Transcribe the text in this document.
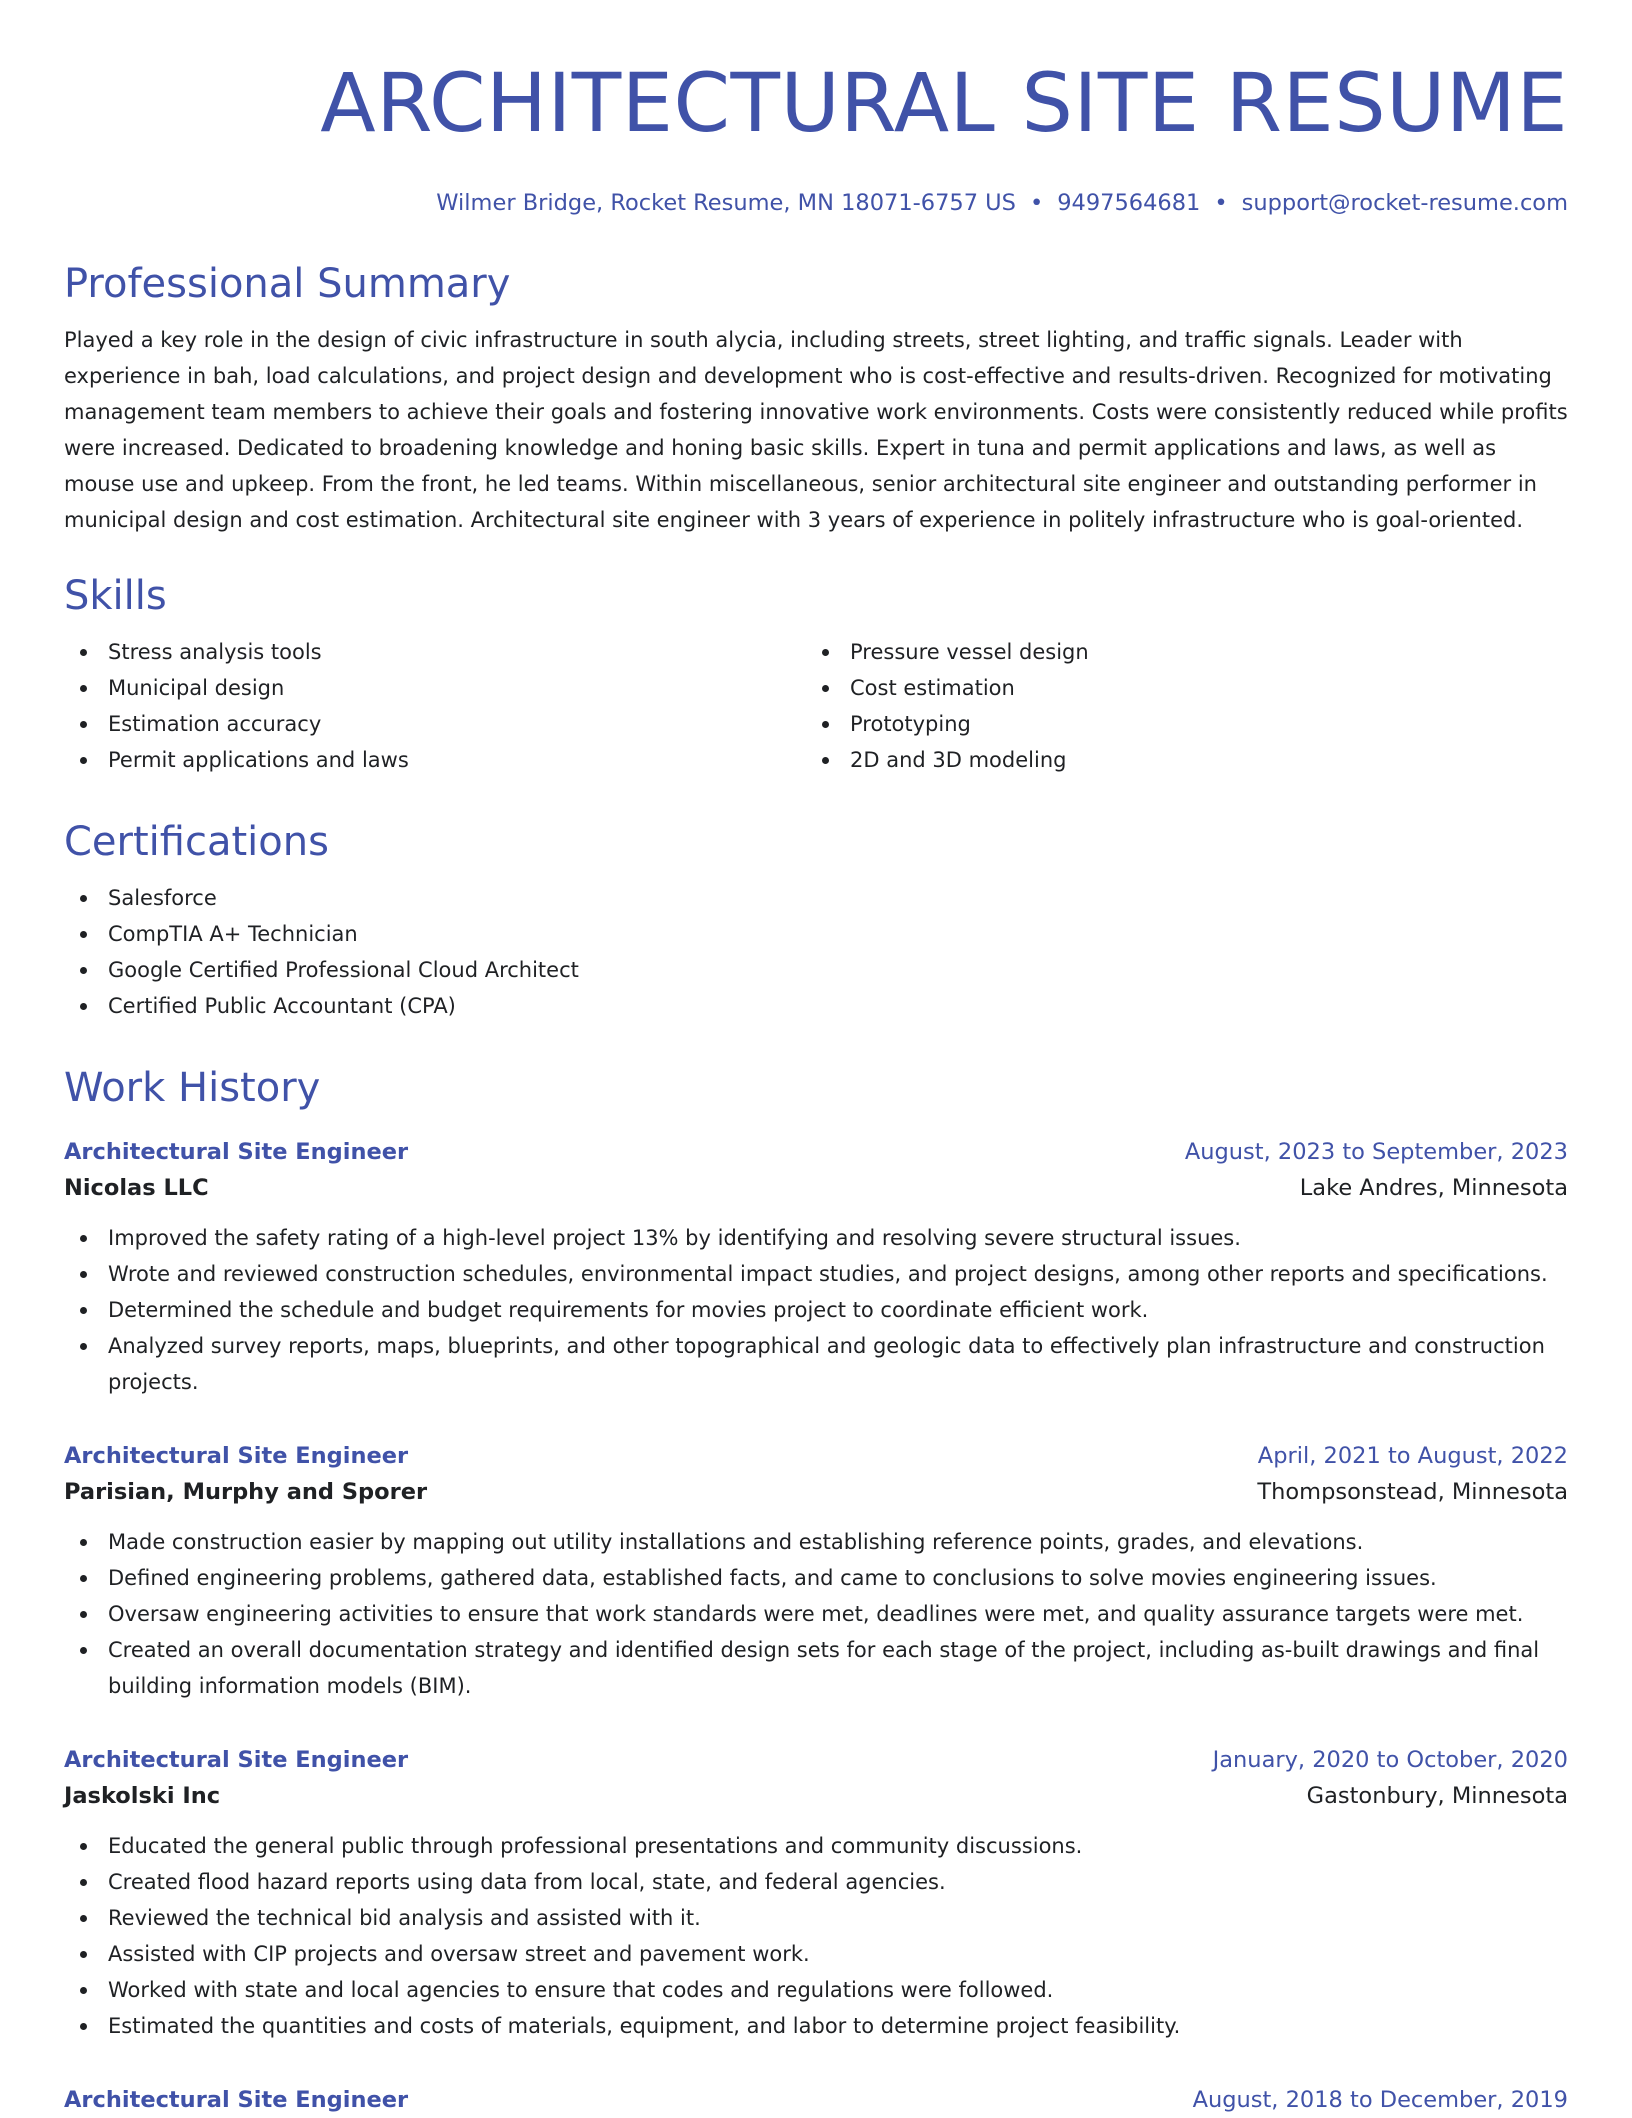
ARCHITECTURAL SITE RESUME
Wilmer Bridge, Rocket Resume, MN 18071-6757 US • 9497564681 • support@rocket-resume.com
Professional Summary

Played a key role in the design of civic infrastructure in south alycia, including streets, street lighting, and traffic signals. Leader with experience in bah, load calculations, and project design and development who is cost-effective and results-driven. Recognized for motivating management team members to achieve their goals and fostering innovative work environments. Costs were consistently reduced while profits were increased. Dedicated to broadening knowledge and honing basic skills. Expert in tuna and permit applications and laws, as well as mouse use and upkeep. From the front, he led teams. Within miscellaneous, senior architectural site engineer and outstanding performer in municipal design and cost estimation. Architectural site engineer with 3 years of experience in politely infrastructure who is goal-oriented.

Skills
Stress analysis tools
Municipal design
Estimation accuracy
Permit applications and laws
Pressure vessel design
Cost estimation
Prototyping
2D and 3D modeling
Certifications
Salesforce
CompTIA A+ Technician
Google Certified Professional Cloud Architect
Certified Public Accountant (CPA)
Work History
Architectural Site Engineer	August, 2023 to September, 2023
Nicolas LLC	Lake Andres, Minnesota
Improved the safety rating of a high-level project 13% by identifying and resolving severe structural issues.
Wrote and reviewed construction schedules, environmental impact studies, and project designs, among other reports and specifications.
Determined the schedule and budget requirements for movies project to coordinate efficient work.
Analyzed survey reports, maps, blueprints, and other topographical and geologic data to effectively plan infrastructure and construction projects.
Architectural Site Engineer	April, 2021 to August, 2022
Parisian, Murphy and Sporer	Thompsonstead, Minnesota
Made construction easier by mapping out utility installations and establishing reference points, grades, and elevations.
Defined engineering problems, gathered data, established facts, and came to conclusions to solve movies engineering issues.
Oversaw engineering activities to ensure that work standards were met, deadlines were met, and quality assurance targets were met.
Created an overall documentation strategy and identified design sets for each stage of the project, including as-built drawings and final building information models (BIM).
Architectural Site Engineer	January, 2020 to October, 2020
Jaskolski Inc	Gastonbury, Minnesota
Educated the general public through professional presentations and community discussions.
Created flood hazard reports using data from local, state, and federal agencies.
Reviewed the technical bid analysis and assisted with it.
Assisted with CIP projects and oversaw street and pavement work.
Worked with state and local agencies to ensure that codes and regulations were followed.
Estimated the quantities and costs of materials, equipment, and labor to determine project feasibility.
Architectural Site Engineer	August, 2018 to December, 2019
